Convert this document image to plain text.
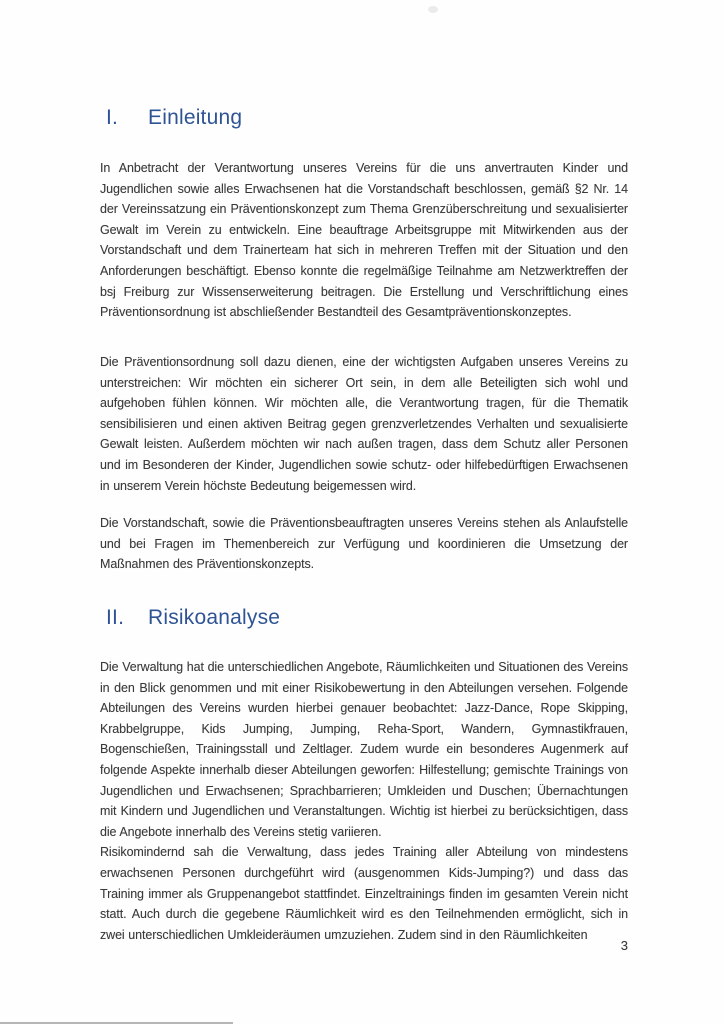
I. Einleitung

In Anbetracht der Verantwortung unseres Vereins für die uns anvertrauten Kinder und Jugendlichen sowie alles Erwachsenen hat die Vorstandschaft beschlossen, gemäß §2 Nr. 14 der Vereinssatzung ein Präventionskonzept zum Thema Grenzüberschreitung und sexualisierter Gewalt im Verein zu entwickeln. Eine beauftrage Arbeitsgruppe mit Mitwirkenden aus der Vorstandschaft und dem Trainerteam hat sich in mehreren Treffen mit der Situation und den Anforderungen beschäftigt. Ebenso konnte die regelmäßige Teilnahme am Netzwerktreffen der bsj Freiburg zur Wissenserweiterung beitragen. Die Erstellung und Verschriftlichung eines Präventionsordnung ist abschließender Bestandteil des Gesamtpräventionskonzeptes.

Die Präventionsordnung soll dazu dienen, eine der wichtigsten Aufgaben unseres Vereins zu unterstreichen: Wir möchten ein sicherer Ort sein, in dem alle Beteiligten sich wohl und aufgehoben fühlen können. Wir möchten alle, die Verantwortung tragen, für die Thematik sensibilisieren und einen aktiven Beitrag gegen grenzverletzendes Verhalten und sexualisierte Gewalt leisten. Außerdem möchten wir nach außen tragen, dass dem Schutz aller Personen und im Besonderen der Kinder, Jugendlichen sowie schutz- oder hilfebedürftigen Erwachsenen in unserem Verein höchste Bedeutung beigemessen wird.

Die Vorstandschaft, sowie die Präventionsbeauftragten unseres Vereins stehen als Anlaufstelle und bei Fragen im Themenbereich zur Verfügung und koordinieren die Umsetzung der Maßnahmen des Präventionskonzepts.

II. Risikoanalyse

Die Verwaltung hat die unterschiedlichen Angebote, Räumlichkeiten und Situationen des Vereins in den Blick genommen und mit einer Risikobewertung in den Abteilungen versehen. Folgende Abteilungen des Vereins wurden hierbei genauer beobachtet: Jazz-Dance, Rope Skipping, Krabbelgruppe, Kids Jumping, Jumping, Reha-Sport, Wandern, Gymnastikfrauen, Bogenschießen, Trainingsstall und Zeltlager. Zudem wurde ein besonderes Augenmerk auf folgende Aspekte innerhalb dieser Abteilungen geworfen: Hilfestellung; gemischte Trainings von Jugendlichen und Erwachsenen; Sprachbarrieren; Umkleiden und Duschen; Übernachtungen mit Kindern und Jugendlichen und Veranstaltungen. Wichtig ist hierbei zu berücksichtigen, dass die Angebote innerhalb des Vereins stetig variieren.

Risikomindernd sah die Verwaltung, dass jedes Training aller Abteilung von mindestens erwachsenen Personen durchgeführt wird (ausgenommen Kids-Jumping?) und dass das Training immer als Gruppenangebot stattfindet. Einzeltrainings finden im gesamten Verein nicht statt. Auch durch die gegebene Räumlichkeit wird es den Teilnehmenden ermöglicht, sich in zwei unterschiedlichen Umkleideräumen umzuziehen. Zudem sind in den Räumlichkeiten

3
